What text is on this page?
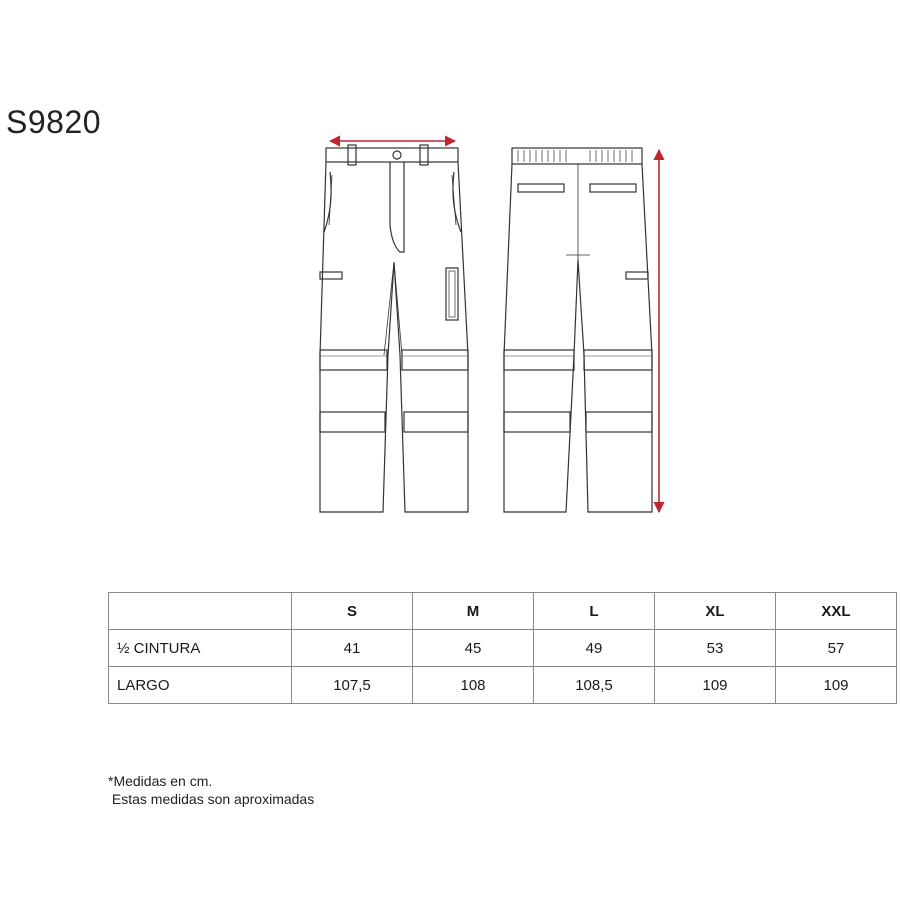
S9820
	S	M	L	XL	XXL
½ CINTURA	41	45	49	53	57
LARGO	107,5	108	108,5	109	109
*Medidas en cm.
Estas medidas son aproximadas
